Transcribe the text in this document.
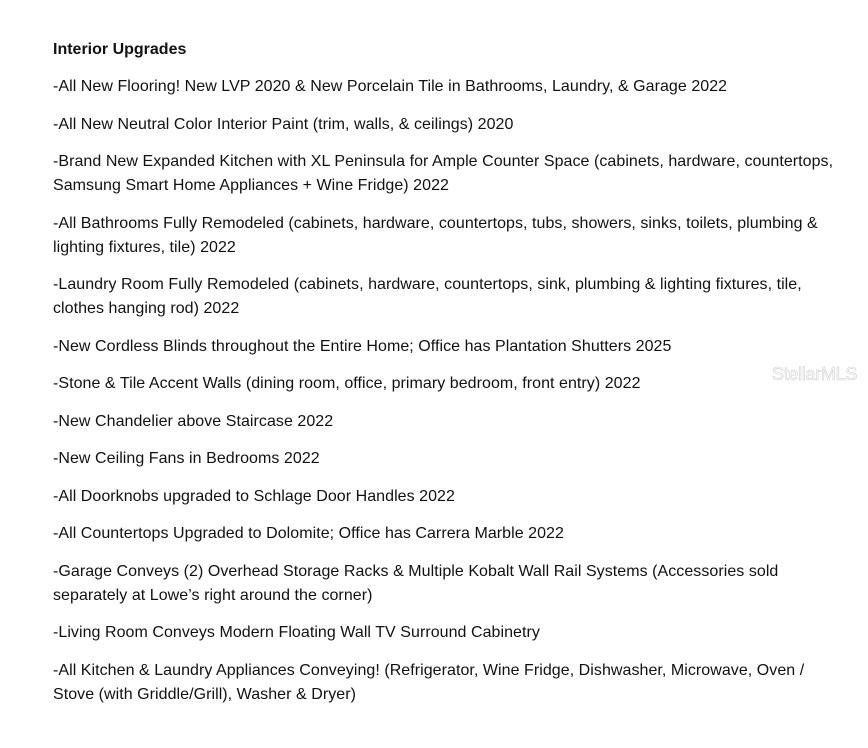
Interior Upgrades
-All New Flooring! New LVP 2020 & New Porcelain Tile in Bathrooms, Laundry, & Garage 2022
-All New Neutral Color Interior Paint (trim, walls, & ceilings) 2020
-Brand New Expanded Kitchen with XL Peninsula for Ample Counter Space (cabinets, hardware, countertops, Samsung Smart Home Appliances + Wine Fridge) 2022
-All Bathrooms Fully Remodeled (cabinets, hardware, countertops, tubs, showers, sinks, toilets, plumbing & lighting fixtures, tile) 2022
-Laundry Room Fully Remodeled (cabinets, hardware, countertops, sink, plumbing & lighting fixtures, tile, clothes hanging rod) 2022
-New Cordless Blinds throughout the Entire Home; Office has Plantation Shutters 2025
-Stone & Tile Accent Walls (dining room, office, primary bedroom, front entry) 2022
-New Chandelier above Staircase 2022
-New Ceiling Fans in Bedrooms 2022
-All Doorknobs upgraded to Schlage Door Handles 2022
-All Countertops Upgraded to Dolomite; Office has Carrera Marble 2022
-Garage Conveys (2) Overhead Storage Racks & Multiple Kobalt Wall Rail Systems (Accessories sold separately at Lowe’s right around the corner)
-Living Room Conveys Modern Floating Wall TV Surround Cabinetry
-All Kitchen & Laundry Appliances Conveying! (Refrigerator, Wine Fridge, Dishwasher, Microwave, Oven / Stove (with Griddle/Grill), Washer & Dryer)
StellarMLS
